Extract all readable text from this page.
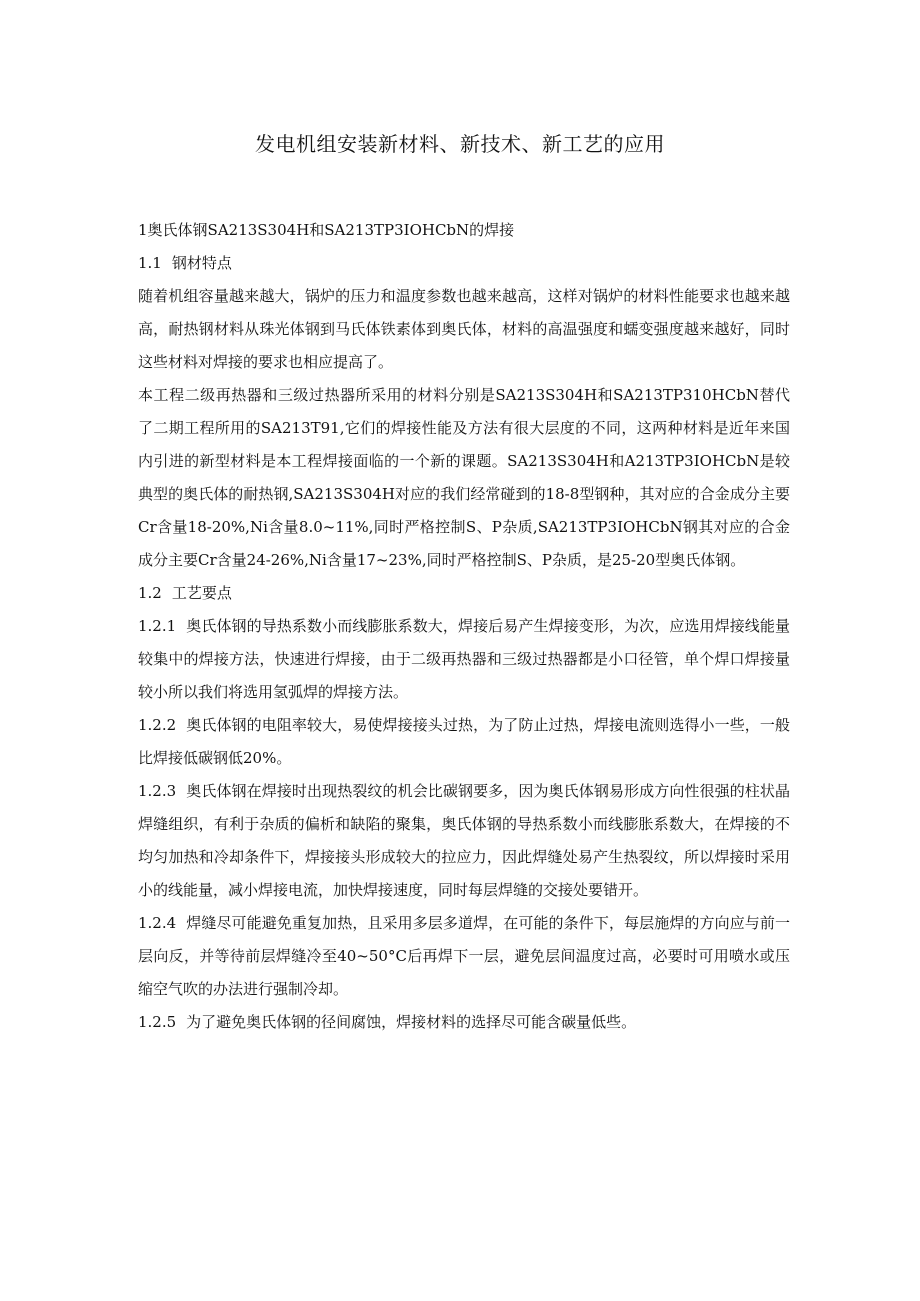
发电机组安装新材料、新技术、新工艺的应用

1奥氏体钢SA213S304H和SA213TP3IOHCbN的焊接

1.1 钢材特点

随着机组容量越来越大，锅炉的压力和温度参数也越来越高，这样对锅炉的材料性能要求也越来越高，耐热钢材料从珠光体钢到马氏体铁素体到奥氏体，材料的高温强度和蠕变强度越来越好，同时这些材料对焊接的要求也相应提高了。

本工程二级再热器和三级过热器所采用的材料分别是SA213S304H和SA213TP310HCbN替代了二期工程所用的SA213T91,它们的焊接性能及方法有很大层度的不同，这两种材料是近年来国内引进的新型材料是本工程焊接面临的一个新的课题。SA213S304H和A213TP3IOHCbN是较典型的奥氏体的耐热钢,SA213S304H对应的我们经常碰到的18-8型钢种，其对应的合金成分主要Cr含量18-20%,Ni含量8.0~11%,同时严格控制S、P杂质,SA213TP3IOHCbN钢其对应的合金成分主要Cr含量24-26%,Ni含量17~23%,同时严格控制S、P杂质，是25-20型奥氏体钢。

1.2 工艺要点

1.2.1 奥氏体钢的导热系数小而线膨胀系数大，焊接后易产生焊接变形，为次，应选用焊接线能量较集中的焊接方法，快速进行焊接，由于二级再热器和三级过热器都是小口径管，单个焊口焊接量较小所以我们将选用氢弧焊的焊接方法。

1.2.2 奥氏体钢的电阻率较大，易使焊接接头过热，为了防止过热，焊接电流则选得小一些，一般比焊接低碳钢低20%。

1.2.3 奥氏体钢在焊接时出现热裂纹的机会比碳钢要多，因为奥氏体钢易形成方向性很强的柱状晶焊缝组织，有利于杂质的偏析和缺陷的聚集，奥氏体钢的导热系数小而线膨胀系数大，在焊接的不均匀加热和冷却条件下，焊接接头形成较大的拉应力，因此焊缝处易产生热裂纹，所以焊接时采用小的线能量，减小焊接电流，加快焊接速度，同时每层焊缝的交接处要错开。

1.2.4 焊缝尽可能避免重复加热，且采用多层多道焊，在可能的条件下，每层施焊的方向应与前一层向反，并等待前层焊缝冷至40~50°C后再焊下一层，避免层间温度过高，必要时可用喷水或压缩空气吹的办法进行强制冷却。

1.2.5 为了避免奥氏体钢的径间腐蚀，焊接材料的选择尽可能含碳量低些。
